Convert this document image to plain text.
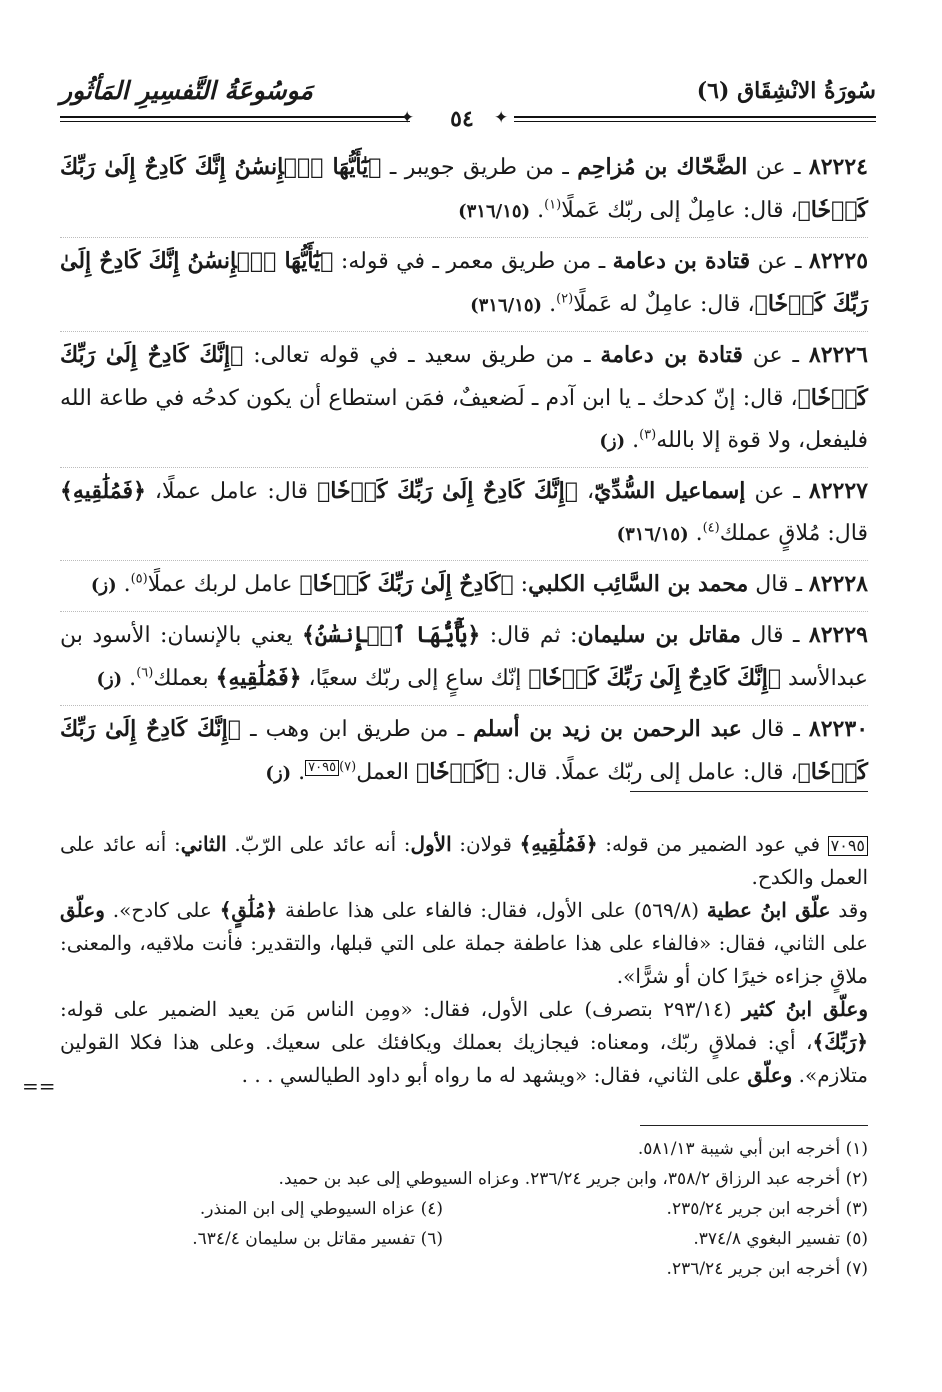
سُورَةُ الانْشِقَاق (٦)
مَوسُوعَةُ التَّفسِيرِ المَأثُور
٥٤
✦	✦

٨٢٢٢٤ ـ عن الضَّحّاك بن مُزاحِم ـ من طريق جويبر ـ ﴿يَٰٓأَيُّهَا ٱلۡإِنسَٰنُ إِنَّكَ كَادِحٌ إِلَىٰ رَبِّكَ كَدۡحٗا﴾، قال: عامِلٌ إلى ربّك عَملًا$^{(١)}$. (٣١٦/١٥)

٨٢٢٢٥ ـ عن قتادة بن دعامة ـ من طريق معمر ـ في قوله: ﴿يَٰٓأَيُّهَا ٱلۡإِنسَٰنُ إِنَّكَ كَادِحٌ إِلَىٰ رَبِّكَ كَدۡحٗا﴾، قال: عامِلٌ له عَملًا$^{(٢)}$. (٣١٦/١٥)

٨٢٢٢٦ ـ عن قتادة بن دعامة ـ من طريق سعيد ـ في قوله تعالى: ﴿إِنَّكَ كَادِحٌ إِلَىٰ رَبِّكَ كَدۡحٗا﴾، قال: إنّ كدحك ـ يا ابن آدم ـ لَضعيفٌ، فمَن استطاع أن يكون كدحُه في طاعة الله فليفعل، ولا قوة إلا بالله$^{(٣)}$. (ز)

٨٢٢٢٧ ـ عن إسماعيل السُّدِّيّ، ﴿إِنَّكَ كَادِحٌ إِلَىٰ رَبِّكَ كَدۡحٗا﴾ قال: عامل عملًا، ﴿فَمُلَٰقِيهِ﴾ قال: مُلاقٍ عملك$^{(٤)}$. (٣١٦/١٥)

٨٢٢٢٨ ـ قال محمد بن السَّائِب الكلبي: ﴿كَادِحٌ إِلَىٰ رَبِّكَ كَدۡحٗا﴾ عامل لربك عملًا$^{(٥)}$. (ز)

٨٢٢٢٩ ـ قال مقاتل بن سليمان: ثم قال: ﴿يَٰٓأَيُّهَا ٱلۡإِنسَٰنُ﴾ يعني بالإنسان: الأسود بن عبدالأسد ﴿إِنَّكَ كَادِحٌ إِلَىٰ رَبِّكَ كَدۡحٗا﴾ إنّك ساعٍ إلى ربّك سعيًا، ﴿فَمُلَٰقِيهِ﴾ بعملك$^{(٦)}$. (ز)

٨٢٢٣٠ ـ قال عبد الرحمن بن زيد بن أسلم ـ من طريق ابن وهب ـ ﴿إِنَّكَ كَادِحٌ إِلَىٰ رَبِّكَ كَدۡحٗا﴾، قال: عامل إلى ربّك عملًا. قال: ﴿كَدۡحٗا﴾ العمل$^{(٧)}$٧٠٩٥. (ز)

٧٠٩٥ في عود الضمير من قوله: ﴿فَمُلَٰقِيهِ﴾ قولان: الأول: أنه عائد على الرّبّ. الثاني: أنه عائد على العمل والكدح.

وقد علّق ابنُ عطية (٥٦٩/٨) على الأول، فقال: فالفاء على هذا عاطفة ﴿مُلَٰقٍ﴾ على كادح». وعلّق على الثاني، فقال: «فالفاء على هذا عاطفة جملة على التي قبلها، والتقدير: فأنت ملاقيه، والمعنى: ملاقٍ جزاءه خيرًا كان أو شرًّا».

وعلّق ابنُ كثير (٢٩٣/١٤ بتصرف) على الأول، فقال: «ومِن الناس مَن يعيد الضمير على قوله: ﴿رَبِّكَ﴾، أي: فملاقٍ ربّك، ومعناه: فيجازيك بعملك ويكافئك على سعيك. وعلى هذا فكلا القولين متلازم». وعلّق على الثاني، فقال: «ويشهد له ما رواه أبو داود الطيالسي . . .

==
(١) أخرجه ابن أبي شيبة ٥٨١/١٣.
(٢) أخرجه عبد الرزاق ٣٥٨/٢، وابن جرير ٢٣٦/٢٤. وعزاه السيوطي إلى عبد بن حميد.
(٣) أخرجه ابن جرير ٢٣٥/٢٤.
(٤) عزاه السيوطي إلى ابن المنذر.
(٥) تفسير البغوي ٣٧٤/٨.
(٦) تفسير مقاتل بن سليمان ٦٣٤/٤.
(٧) أخرجه ابن جرير ٢٣٦/٢٤.
